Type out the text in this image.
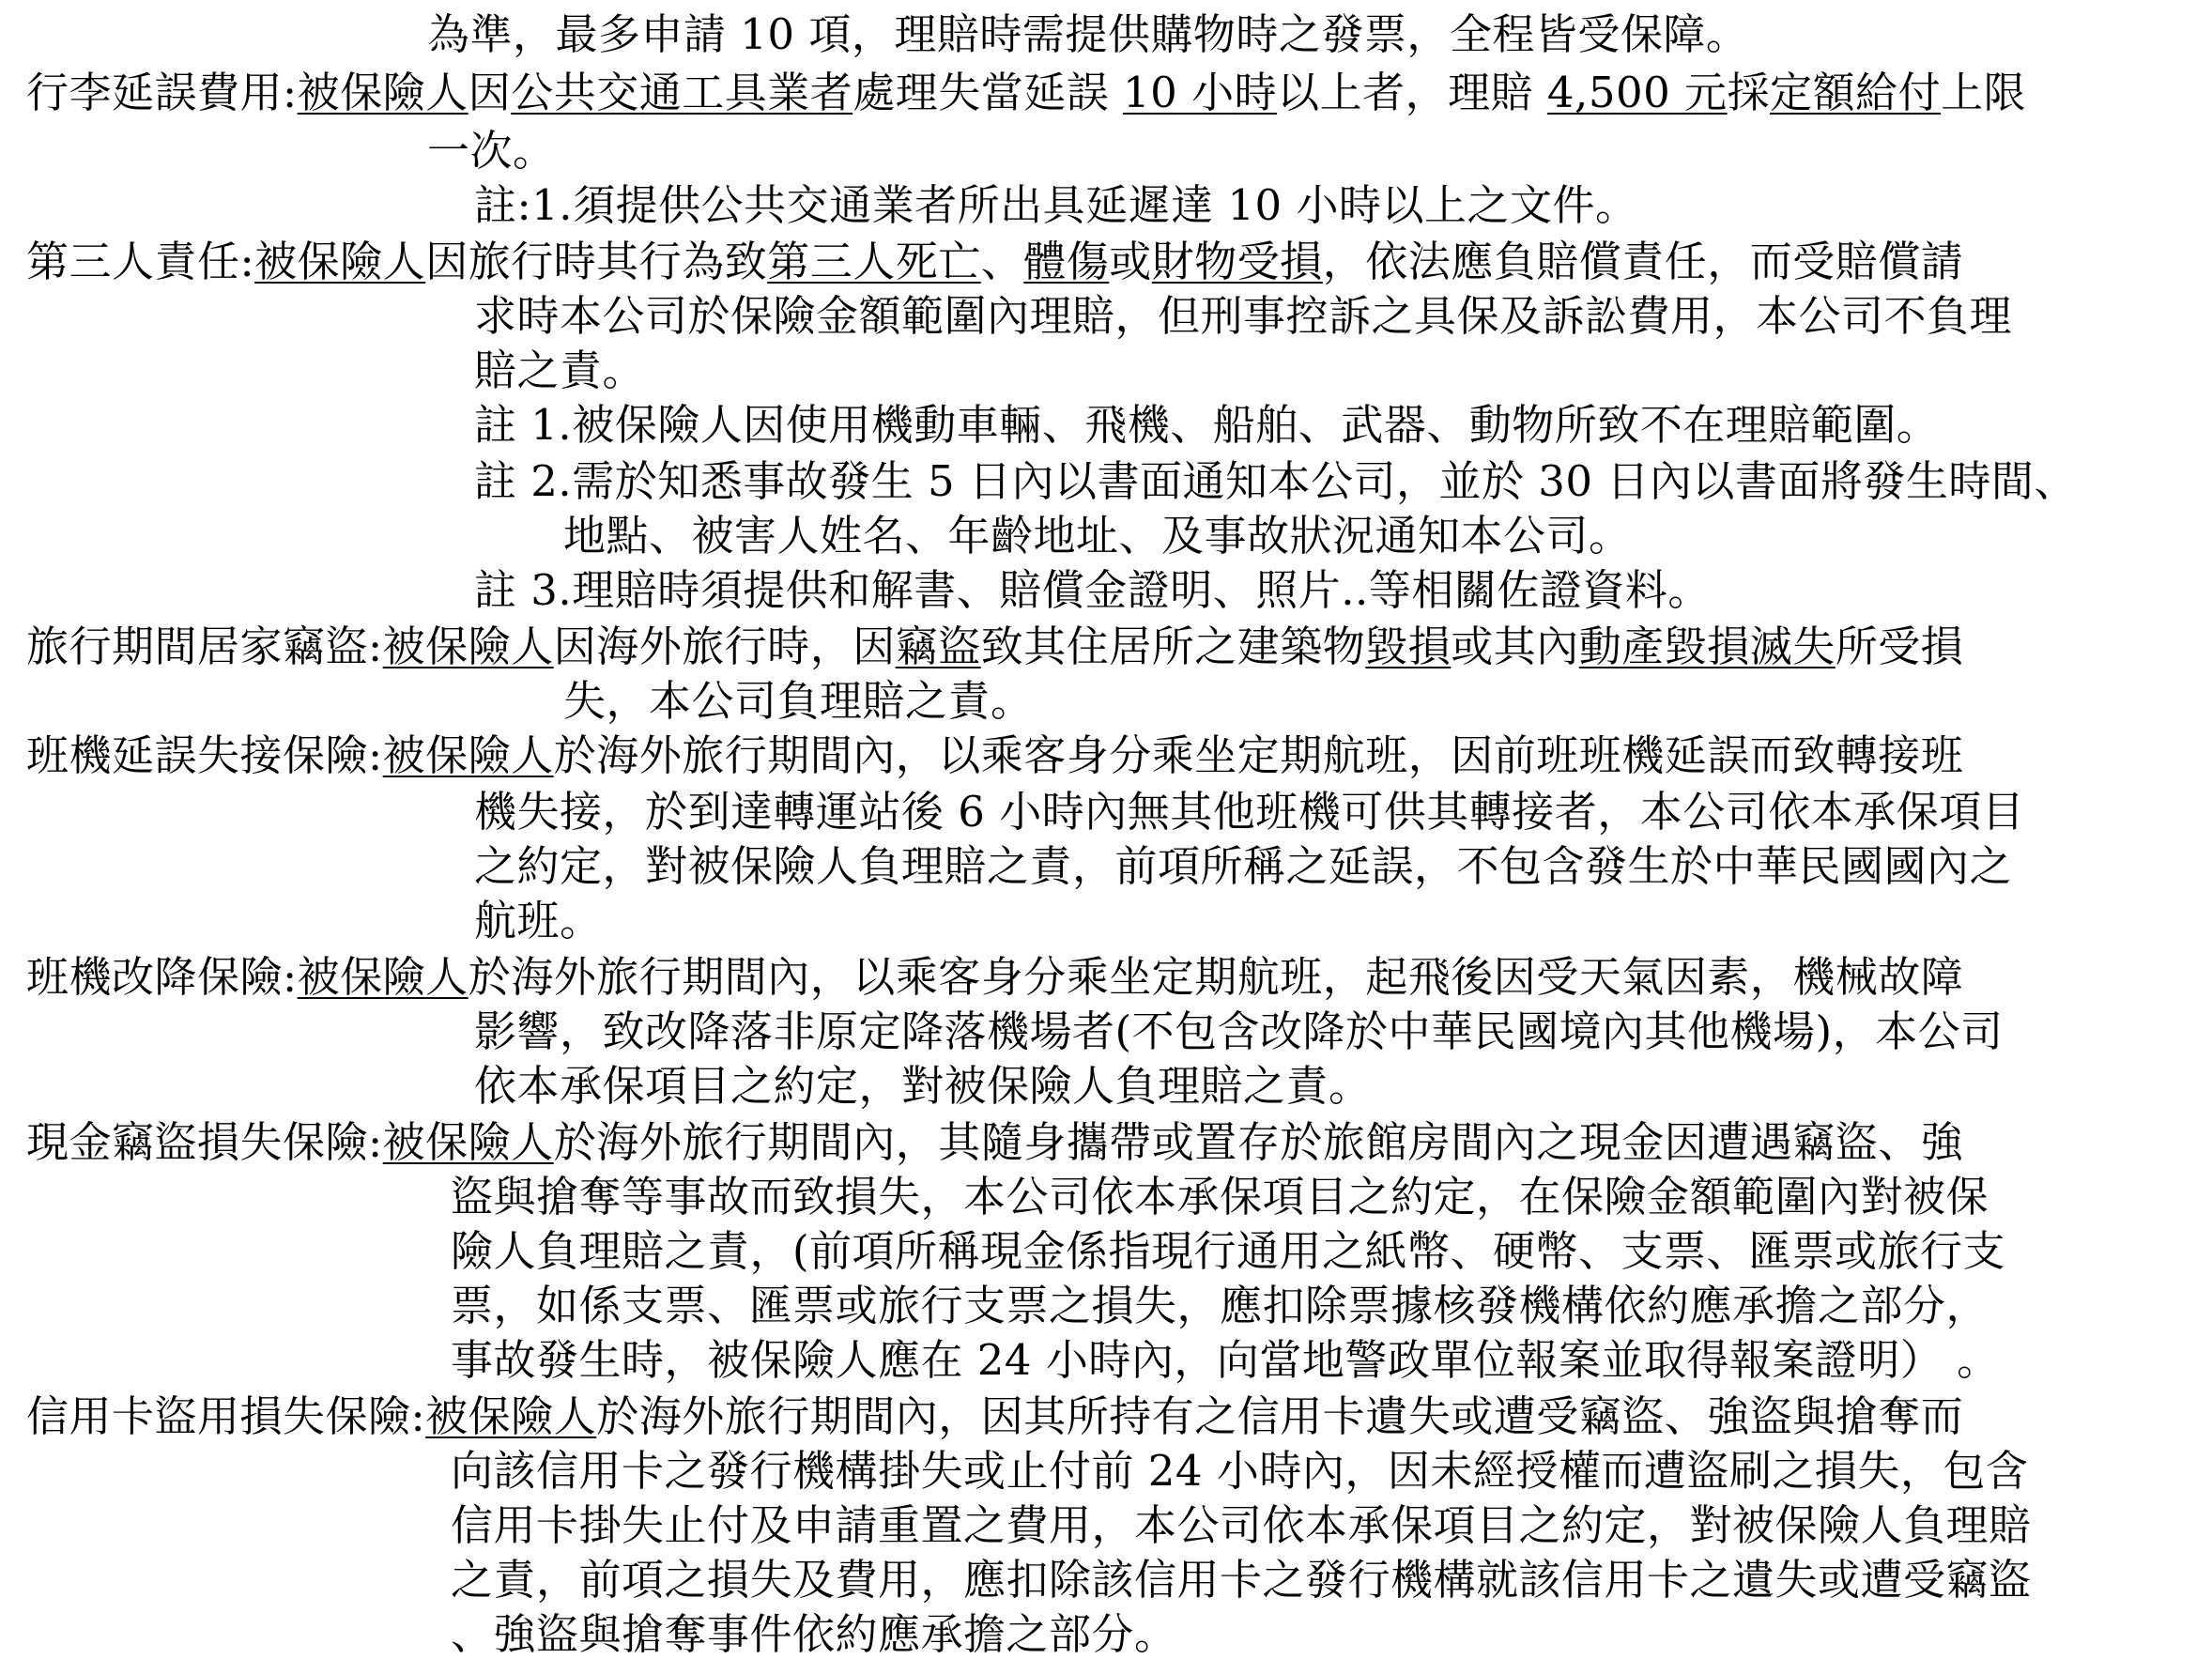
為準，最多申請 10 項，理賠時需提供購物時之發票，全程皆受保障。
行李延誤費用:被保險人因公共交通工具業者處理失當延誤 10 小時以上者，理賠 4,500 元採定額給付上限
一次。
註:1.須提供公共交通業者所出具延遲達 10 小時以上之文件。
第三人責任:被保險人因旅行時其行為致第三人死亡、體傷或財物受損，依法應負賠償責任，而受賠償請
求時本公司於保險金額範圍內理賠，但刑事控訴之具保及訴訟費用，本公司不負理
賠之責。
註 1.被保險人因使用機動車輛、飛機、船舶、武器、動物所致不在理賠範圍。
註 2.需於知悉事故發生 5 日內以書面通知本公司，並於 30 日內以書面將發生時間、
地點、被害人姓名、年齡地址、及事故狀況通知本公司。
註 3.理賠時須提供和解書、賠償金證明、照片..等相關佐證資料。
旅行期間居家竊盜:被保險人因海外旅行時，因竊盜致其住居所之建築物毀損或其內動產毀損滅失所受損
失，本公司負理賠之責。
班機延誤失接保險:被保險人於海外旅行期間內，以乘客身分乘坐定期航班，因前班班機延誤而致轉接班
機失接，於到達轉運站後 6 小時內無其他班機可供其轉接者，本公司依本承保項目
之約定，對被保險人負理賠之責，前項所稱之延誤，不包含發生於中華民國國內之
航班。
班機改降保險:被保險人於海外旅行期間內，以乘客身分乘坐定期航班，起飛後因受天氣因素，機械故障
影響，致改降落非原定降落機場者(不包含改降於中華民國境內其他機場)，本公司
依本承保項目之約定，對被保險人負理賠之責。
現金竊盜損失保險:被保險人於海外旅行期間內，其隨身攜帶或置存於旅館房間內之現金因遭遇竊盜、強
盜與搶奪等事故而致損失，本公司依本承保項目之約定，在保險金額範圍內對被保
險人負理賠之責，(前項所稱現金係指現行通用之紙幣、硬幣、支票、匯票或旅行支
票，如係支票、匯票或旅行支票之損失，應扣除票據核發機構依約應承擔之部分，
事故發生時，被保險人應在 24 小時內，向當地警政單位報案並取得報案證明） 。
信用卡盜用損失保險:被保險人於海外旅行期間內，因其所持有之信用卡遺失或遭受竊盜、強盜與搶奪而
向該信用卡之發行機構掛失或止付前 24 小時內，因未經授權而遭盜刷之損失，包含
信用卡掛失止付及申請重置之費用，本公司依本承保項目之約定，對被保險人負理賠
之責，前項之損失及費用，應扣除該信用卡之發行機構就該信用卡之遺失或遭受竊盜
、強盜與搶奪事件依約應承擔之部分。
